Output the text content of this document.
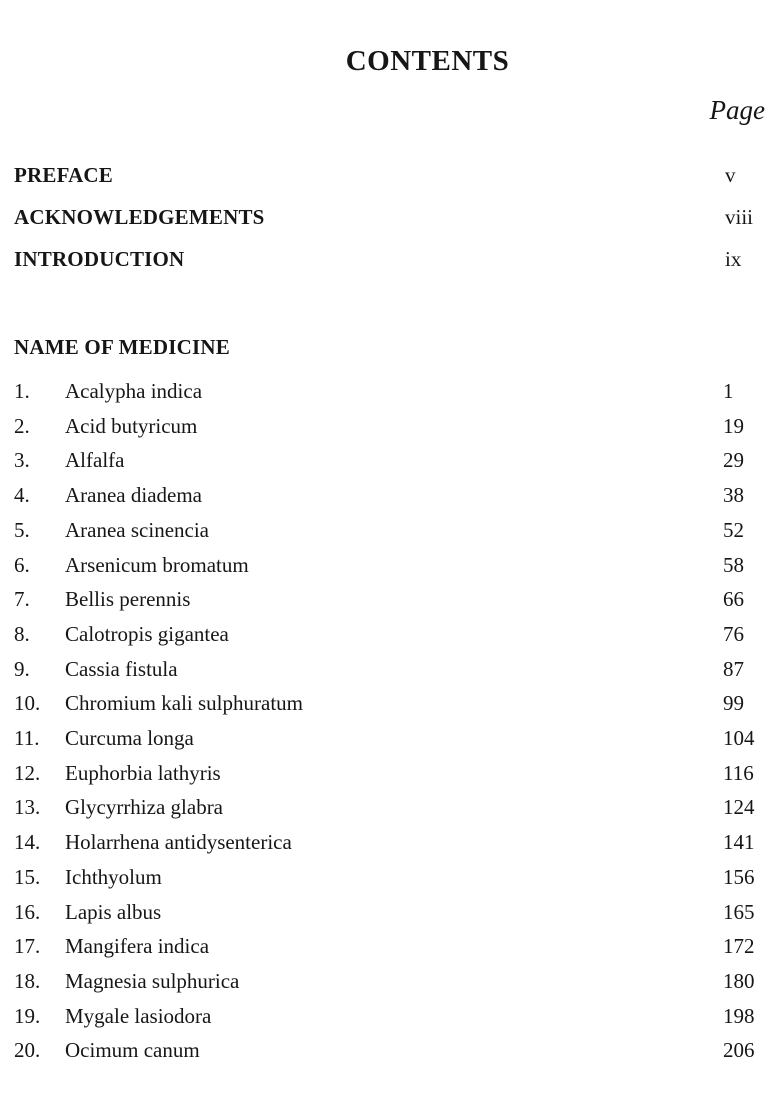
CONTENTS
Page
PREFACE	v
ACKNOWLEDGEMENTS	viii
INTRODUCTION	ix
NAME OF MEDICINE
1.	Acalypha indica	1
2.	Acid butyricum	19
3.	Alfalfa	29
4.	Aranea diadema	38
5.	Aranea scinencia	52
6.	Arsenicum bromatum	58
7.	Bellis perennis	66
8.	Calotropis gigantea	76
9.	Cassia fistula	87
10.	Chromium kali sulphuratum	99
11.	Curcuma longa	104
12.	Euphorbia lathyris	116
13.	Glycyrrhiza glabra	124
14.	Holarrhena antidysenterica	141
15.	Ichthyolum	156
16.	Lapis albus	165
17.	Mangifera indica	172
18.	Magnesia sulphurica	180
19.	Mygale lasiodora	198
20.	Ocimum canum	206
